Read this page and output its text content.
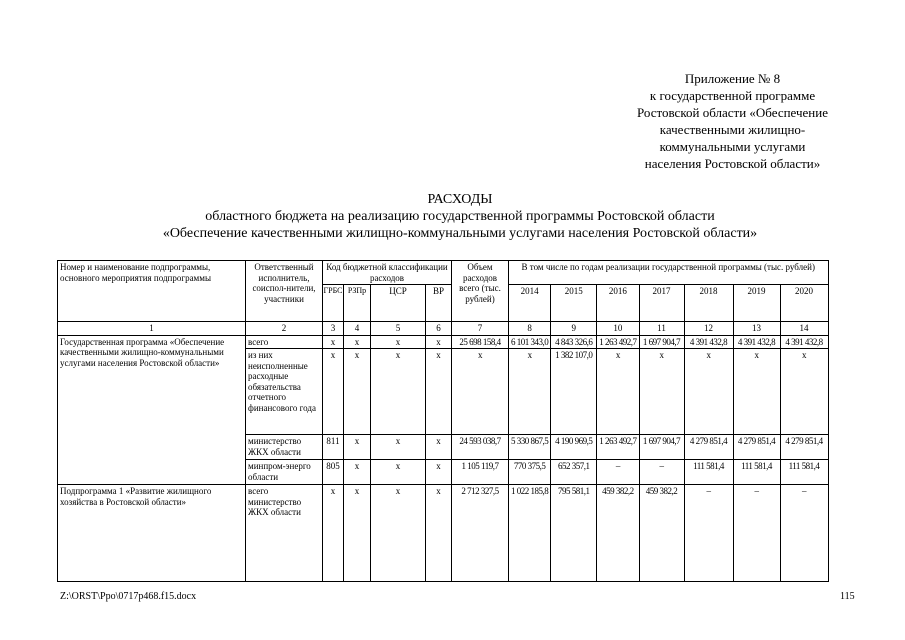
Приложение № 8
к государственной программе
Ростовской области «Обеспечение
качественными жилищно-
коммунальными услугами
населения Ростовской области»
РАСХОДЫ
областного бюджета на реализацию государственной программы Ростовской области
«Обеспечение качественными жилищно-коммунальными услугами населения Ростовской области»
Номер и наименование подпрограммы, основного мероприятия подпрограммы	Ответственный исполнитель, соиспол-нители, участники	Код бюджетной классификации расходов				Объем расходов всего (тыс. рублей)	В том числе по годам реализации государственной программы (тыс. рублей)						
		ГРБС	РЗПр	ЦСР	ВР		2014	2015	2016	2017	2018	2019	2020
1	2	3	4	5	6	7	8	9	10	11	12	13	14
Государственная программа «Обеспечение качественными жилищно-коммунальными услугами населения Ростовской области»	всего	x	x	x	x	25 698 158,4	6 101 343,0	4 843 326,6	1 263 492,7	1 697 904,7	4 391 432,8	4 391 432,8	4 391 432,8
	из них неисполненные расходные обязательства отчетного финансового года	x	x	x	x	x	x	1 382 107,0	x	x	x	x	x
	министерство ЖКХ области	811	x	x	x	24 593 038,7	5 330 867,5	4 190 969,5	1 263 492,7	1 697 904,7	4 279 851,4	4 279 851,4	4 279 851,4
	минпром-энерго области	805	x	x	x	1 105 119,7	770 375,5	652 357,1	–	–	111 581,4	111 581,4	111 581,4
Подпрограмма 1 «Развитие жилищного хозяйства в Ростовской области»	всего министерство ЖКХ области	x	x	x	x	2 712 327,5	1 022 185,8	795 581,1	459 382,2	459 382,2	–	–	–
Z:\ORST\Ppo\0717p468.f15.docx	115
